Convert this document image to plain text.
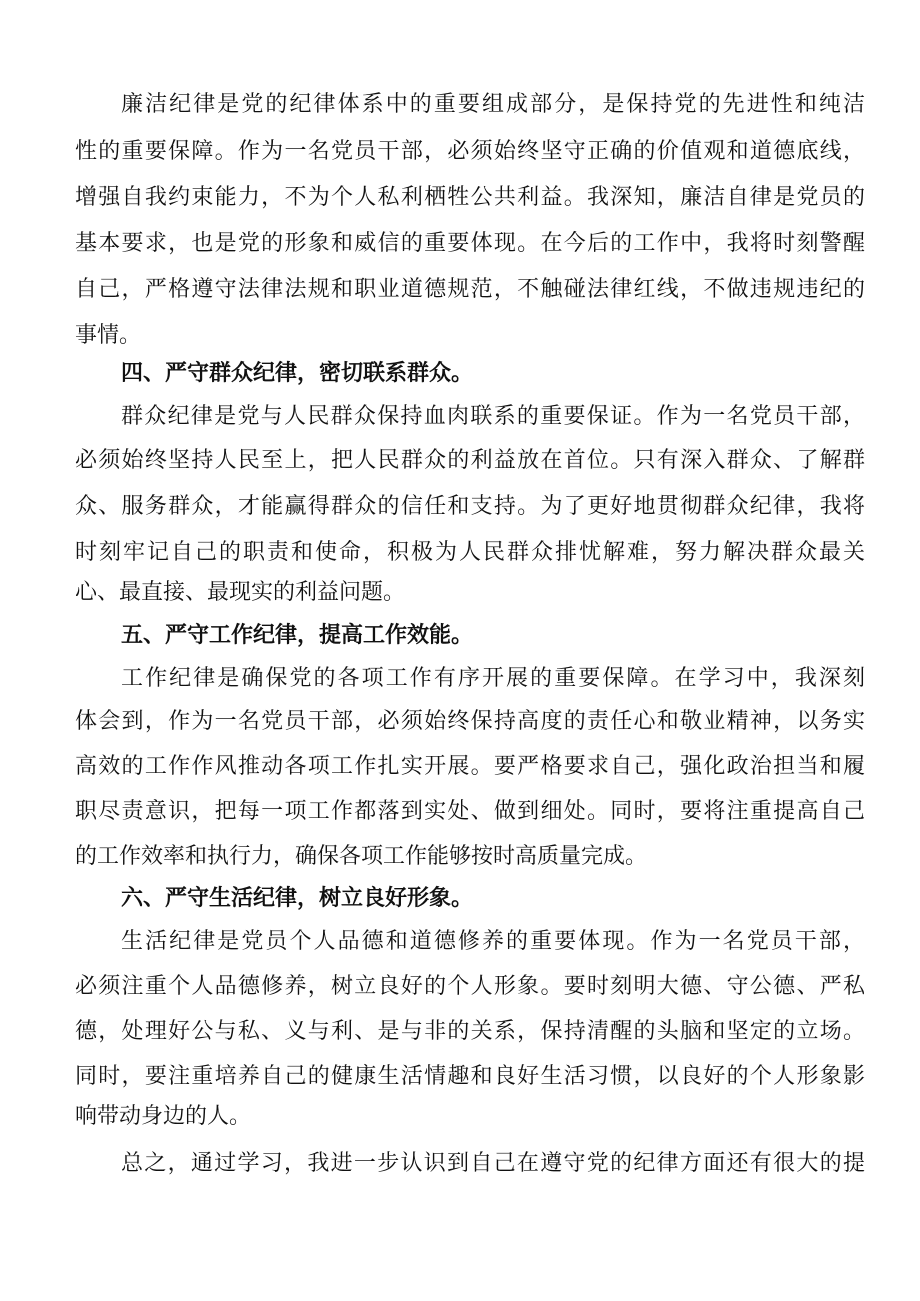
廉洁纪律是党的纪律体系中的重要组成部分，是保持党的先进性和纯洁
性的重要保障。作为一名党员干部，必须始终坚守正确的价值观和道德底线，
增强自我约束能力，不为个人私利栖牲公共利益。我深知，廉洁自律是党员的
基本要求，也是党的形象和威信的重要体现。在今后的工作中，我将时刻警醒
自己，严格遵守法律法规和职业道德规范，不触碰法律红线，不做违规违纪的
事情。
四、严守群众纪律，密切联系群众。
群众纪律是党与人民群众保持血肉联系的重要保证。作为一名党员干部，
必须始终坚持人民至上，把人民群众的利益放在首位。只有深入群众、了解群
众、服务群众，才能赢得群众的信任和支持。为了更好地贯彻群众纪律，我将
时刻牢记自己的职责和使命，积极为人民群众排忧解难，努力解决群众最关
心、最直接、最现实的利益问题。
五、严守工作纪律，提高工作效能。
工作纪律是确保党的各项工作有序开展的重要保障。在学习中，我深刻
体会到，作为一名党员干部，必须始终保持高度的责任心和敬业精神，以务实
高效的工作作风推动各项工作扎实开展。要严格要求自己，强化政治担当和履
职尽责意识，把每一项工作都落到实处、做到细处。同时，要将注重提高自己
的工作效率和执行力，确保各项工作能够按时高质量完成。
六、严守生活纪律，树立良好形象。
生活纪律是党员个人品德和道德修养的重要体现。作为一名党员干部，
必须注重个人品德修养，树立良好的个人形象。要时刻明大德、守公德、严私
德，处理好公与私、义与利、是与非的关系，保持清醒的头脑和坚定的立场。
同时，要注重培养自己的健康生活情趣和良好生活习惯，以良好的个人形象影
响带动身边的人。
总之，通过学习，我进一步认识到自己在遵守党的纪律方面还有很大的提
